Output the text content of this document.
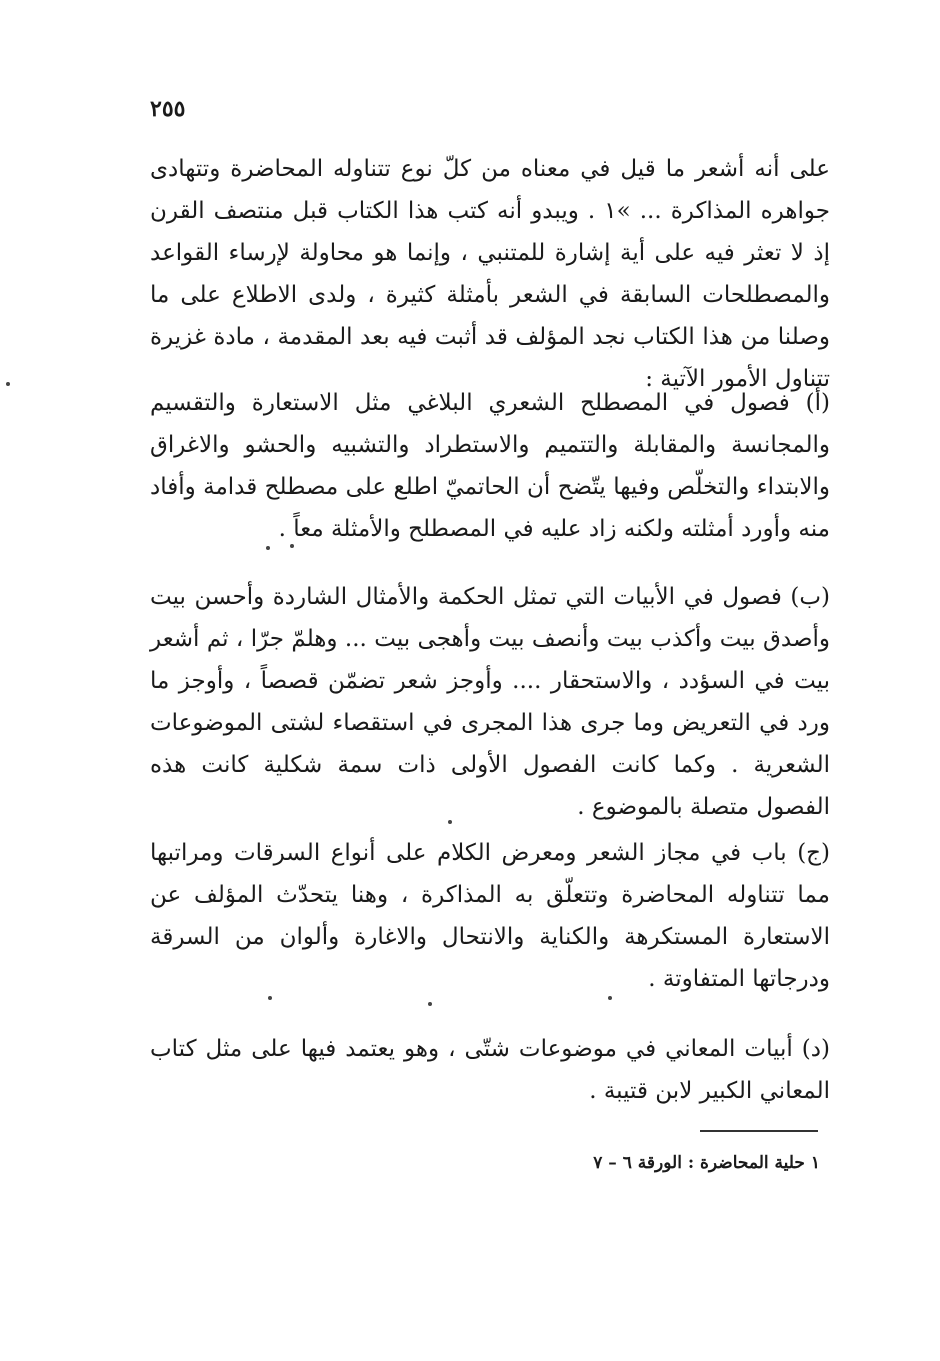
٢٥٥

على أنه أشعر ما قيل في معناه من كلّ نوع تتناوله المحاضرة وتتهادى جواهره المذاكرة ... »١ . ويبدو أنه كتب هذا الكتاب قبل منتصف القرن إذ لا تعثر فيه على أية إشارة للمتنبي ، وإنما هو محاولة لإرساء القواعد والمصطلحات السابقة في الشعر بأمثلة كثيرة ، ولدى الاطلاع على ما وصلنا من هذا الكتاب نجد المؤلف قد أثبت فيه بعد المقدمة ، مادة غزيرة تتناول الأمور الآتية :

(أ) فصول في المصطلح الشعري البلاغي مثل الاستعارة والتقسيم والمجانسة والمقابلة والتتميم والاستطراد والتشبيه والحشو والاغراق والابتداء والتخلّص وفيها يتّضح أن الحاتميّ اطلع على مصطلح قدامة وأفاد منه وأورد أمثلته ولكنه زاد عليه في المصطلح والأمثلة معاً .

(ب) فصول في الأبيات التي تمثل الحكمة والأمثال الشاردة وأحسن بيت وأصدق بيت وأكذب بيت وأنصف بيت وأهجى بيت ... وهلمّ جرّا ، ثم أشعر بيت في السؤدد ، والاستحقار .... وأوجز شعر تضمّن قصصاً ، وأوجز ما ورد في التعريض وما جرى هذا المجرى في استقصاء لشتى الموضوعات الشعرية . وكما كانت الفصول الأولى ذات سمة شكلية كانت هذه الفصول متصلة بالموضوع .

(ج) باب في مجاز الشعر ومعرض الكلام على أنواع السرقات ومراتبها مما تتناوله المحاضرة وتتعلّق به المذاكرة ، وهنا يتحدّث المؤلف عن الاستعارة المستكرهة والكناية والانتحال والاغارة وألوان من السرقة ودرجاتها المتفاوتة .

(د) أبيات المعاني في موضوعات شتّى ، وهو يعتمد فيها على مثل كتاب المعاني الكبير لابن قتيبة .

١ حلية المحاضرة : الورقة ٦ – ٧
